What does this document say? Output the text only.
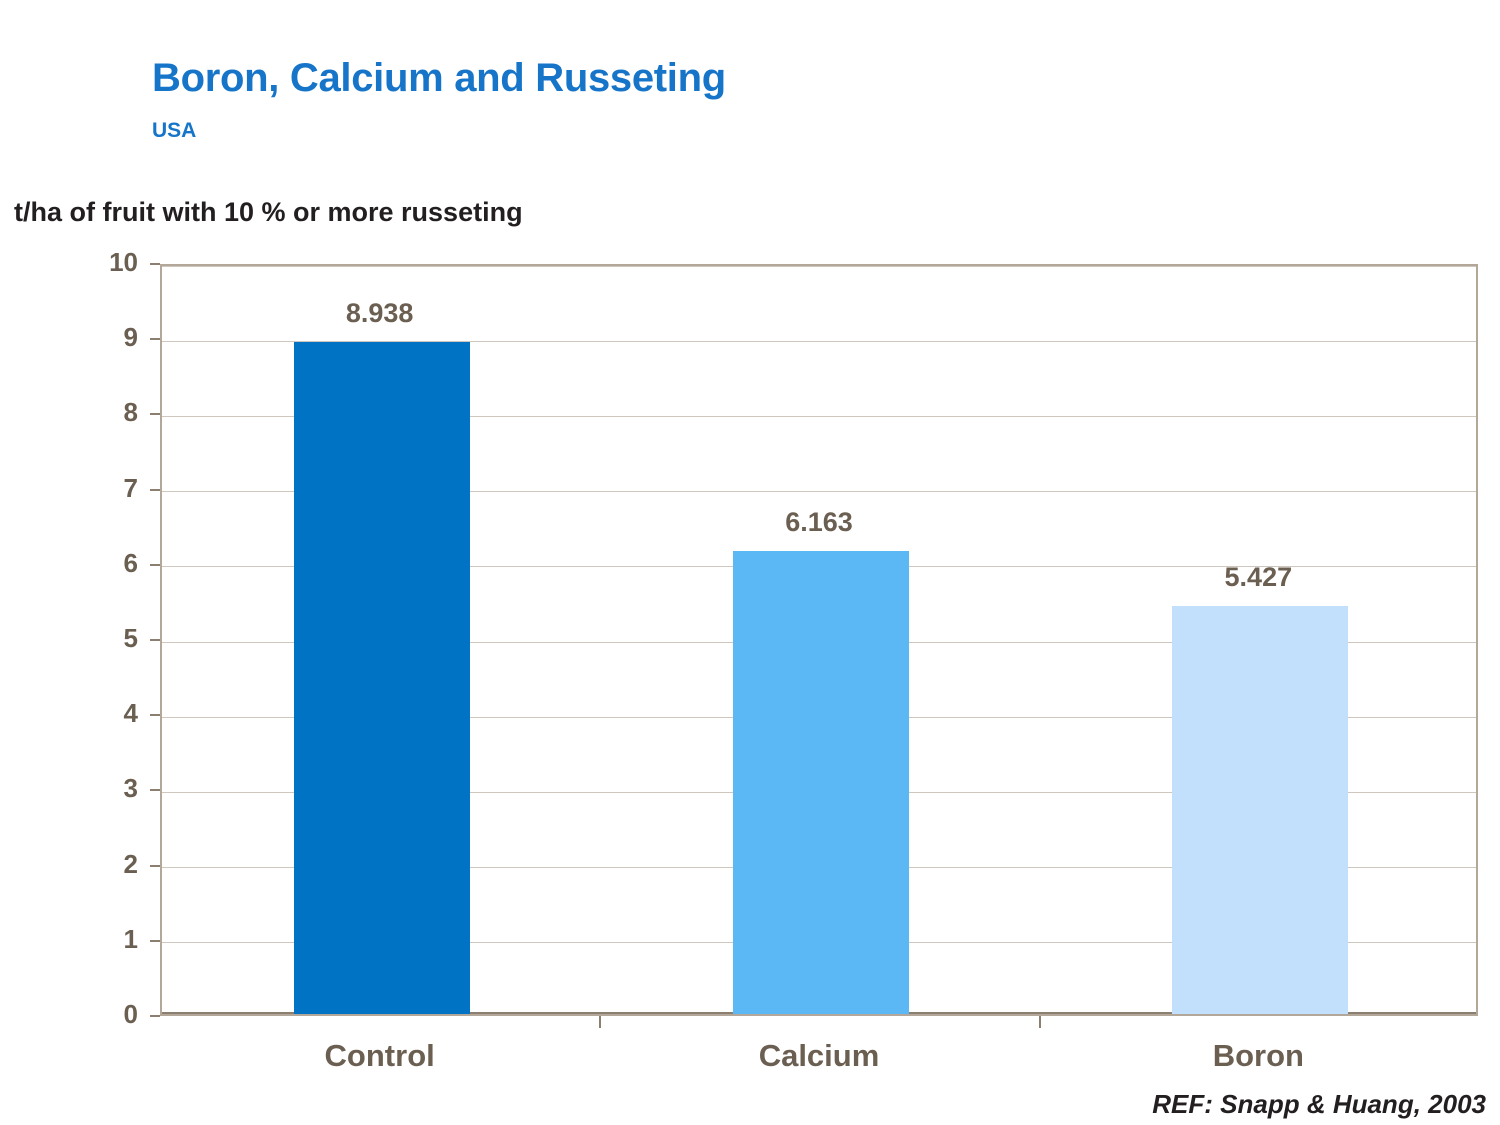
Boron, Calcium and Russeting
USA
t/ha of fruit with 10 % or more russeting
0
1
2
3
4
5
6
7
8
9
10
8.938
Control
6.163
Calcium
5.427
Boron
REF: Snapp & Huang, 2003
